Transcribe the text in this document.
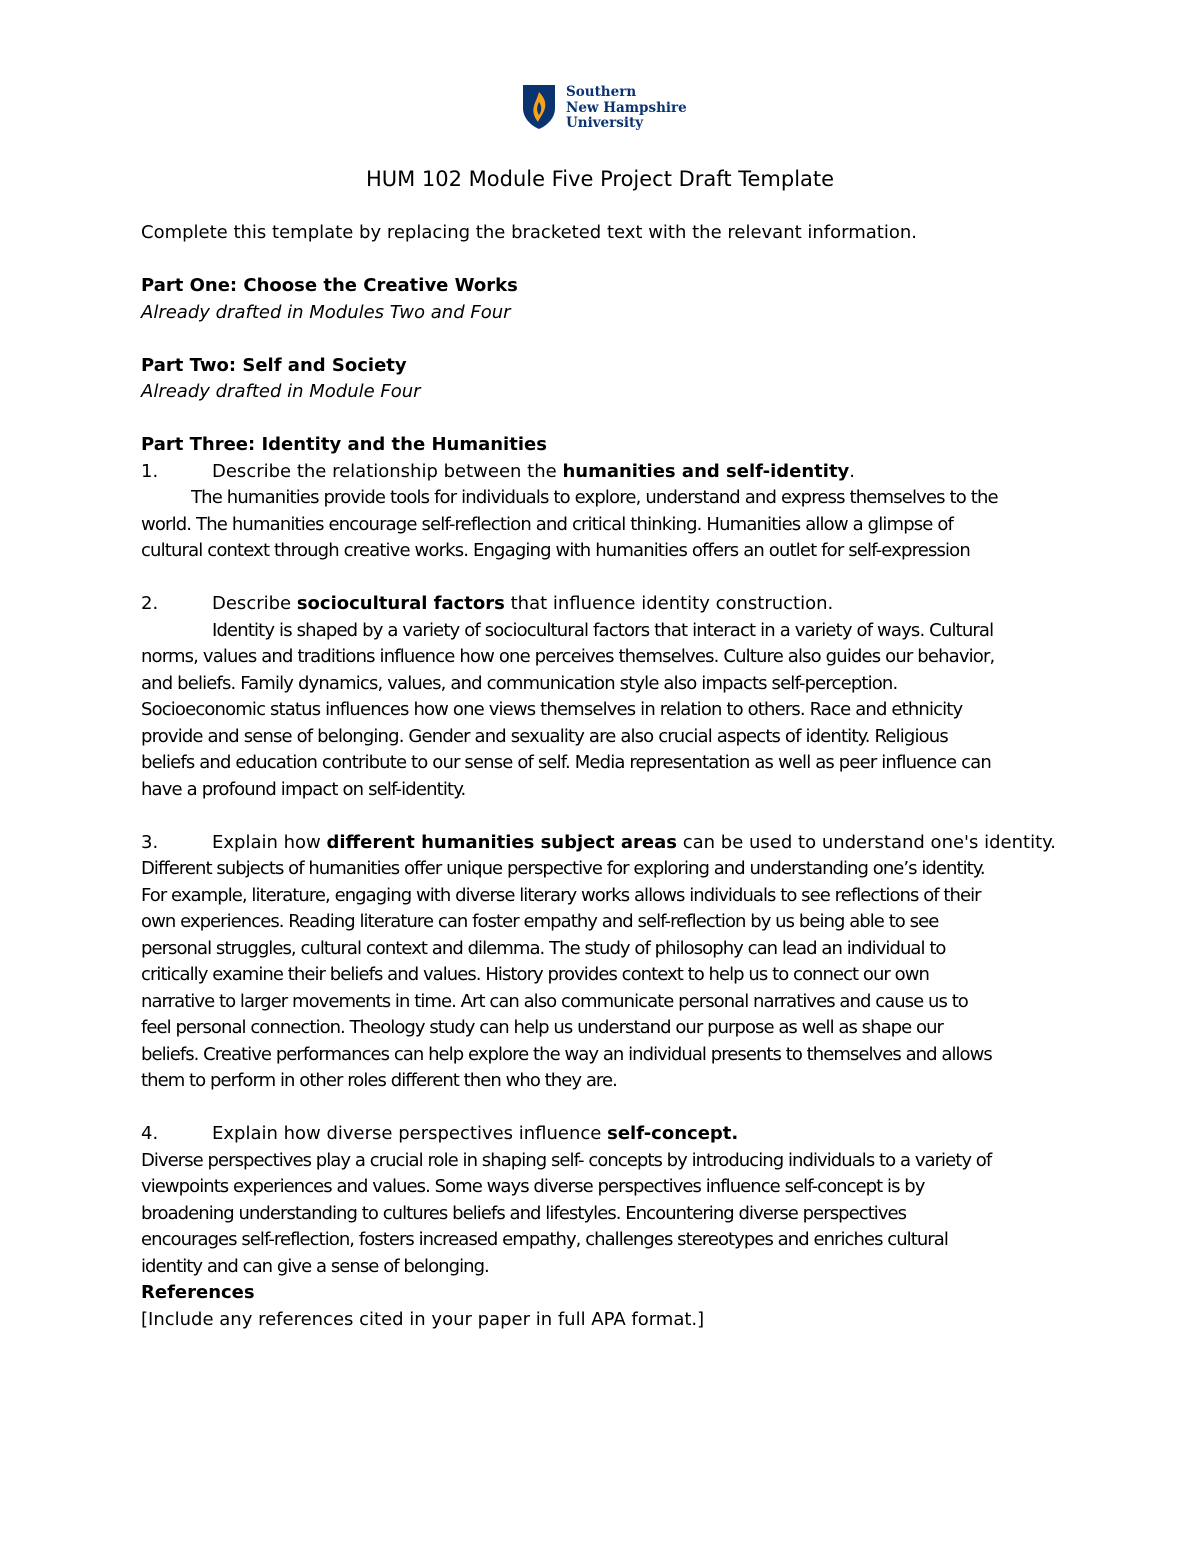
Southern
New Hampshire
University
HUM 102 Module Five Project Draft Template
Complete this template by replacing the bracketed text with the relevant information.
Part One: Choose the Creative Works
Already drafted in Modules Two and Four
Part Two: Self and Society
Already drafted in Module Four
Part Three: Identity and the Humanities
1.	Describe the relationship between the humanities and self-identity.
The humanities provide tools for individuals to explore, understand and express themselves to the
world. The humanities encourage self-reflection and critical thinking. Humanities allow a glimpse of
cultural context through creative works. Engaging with humanities offers an outlet for self-expression
2.	Describe sociocultural factors that influence identity construction.
Identity is shaped by a variety of sociocultural factors that interact in a variety of ways. Cultural
norms, values and traditions influence how one perceives themselves. Culture also guides our behavior,
and beliefs. Family dynamics, values, and communication style also impacts self-perception.
Socioeconomic status influences how one views themselves in relation to others. Race and ethnicity
provide and sense of belonging. Gender and sexuality are also crucial aspects of identity. Religious
beliefs and education contribute to our sense of self. Media representation as well as peer influence can
have a profound impact on self-identity.
3.	Explain how different humanities subject areas can be used to understand one's identity.
Different subjects of humanities offer unique perspective for exploring and understanding one’s identity.
For example, literature, engaging with diverse literary works allows individuals to see reflections of their
own experiences. Reading literature can foster empathy and self-reflection by us being able to see
personal struggles, cultural context and dilemma. The study of philosophy can lead an individual to
critically examine their beliefs and values. History provides context to help us to connect our own
narrative to larger movements in time. Art can also communicate personal narratives and cause us to
feel personal connection. Theology study can help us understand our purpose as well as shape our
beliefs. Creative performances can help explore the way an individual presents to themselves and allows
them to perform in other roles different then who they are.
4.	Explain how diverse perspectives influence self-concept.
Diverse perspectives play a crucial role in shaping self- concepts by introducing individuals to a variety of
viewpoints experiences and values. Some ways diverse perspectives influence self-concept is by
broadening understanding to cultures beliefs and lifestyles. Encountering diverse perspectives
encourages self-reflection, fosters increased empathy, challenges stereotypes and enriches cultural
identity and can give a sense of belonging.
References
[Include any references cited in your paper in full APA format.]
